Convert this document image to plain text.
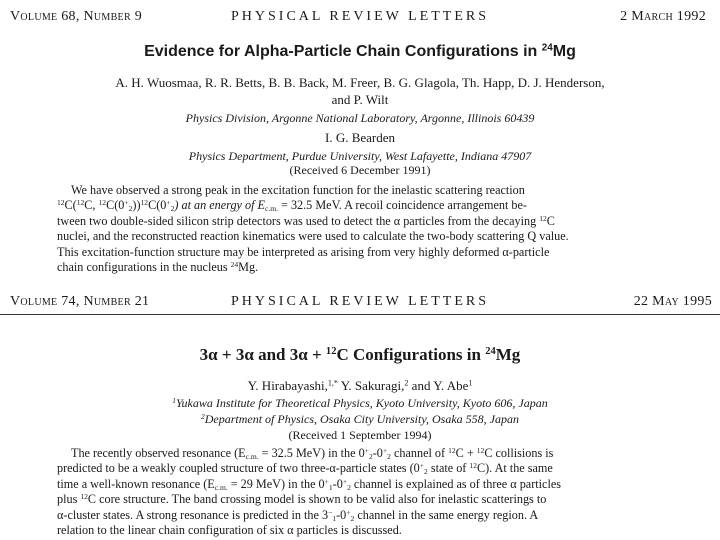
Volume 68, Number 9	PHYSICAL REVIEW LETTERS	2 March 1992
Evidence for Alpha-Particle Chain Configurations in $^{24}$Mg
A. H. Wuosmaa, R. R. Betts, B. B. Back, M. Freer, B. G. Glagola, Th. Happ, D. J. Henderson,
and P. Wilt
Physics Division, Argonne National Laboratory, Argonne, Illinois 60439
I. G. Bearden
Physics Department, Purdue University, West Lafayette, Indiana 47907
(Received 6 December 1991)
We have observed a strong peak in the excitation function for the inelastic scattering reaction
$^{12}$C($^{12}$C, $^{12}C(0^+_2))^{12}C(0^+_2)$ at an energy of $E_{c.m.} = 32.5$ MeV. A recoil coincidence arrangement be-
tween two double-sided silicon strip detectors was used to detect the α particles from the decaying $^{12}$C
nuclei, and the reconstructed reaction kinematics were used to calculate the two-body scattering Q value.
This excitation-function structure may be interpreted as arising from very highly deformed α-particle
chain configurations in the nucleus $^{24}$Mg.
Volume 74, Number 21	PHYSICAL REVIEW LETTERS	22 May 1995
3α + 3α and 3α + $^{12}$C Configurations in $^{24}$Mg
Y. Hirabayashi,$^{1,*}$ Y. Sakuragi,$^2$ and Y. Abe$^1$
$^1$Yukawa Institute for Theoretical Physics, Kyoto University, Kyoto 606, Japan
$^2$Department of Physics, Osaka City University, Osaka 558, Japan
(Received 1 September 1994)
The recently observed resonance ($E_{c.m.} = 32.5$ MeV) in the $0^+_2-0^+_2$ channel of $^{12}$C + $^{12}$C collisions is
predicted to be a weakly coupled structure of two three-α-particle states ($0^+_2$ state of $^{12}$C). At the same
time a well-known resonance ($E_{c.m.} = 29$ MeV) in the $0^+_1-0^+_2$ channel is explained as of three α particles
plus $^{12}$C core structure. The band crossing model is shown to be valid also for inelastic scatterings to
α-cluster states. A strong resonance is predicted in the $3^-_1-0^+_2$ channel in the same energy region. A
relation to the linear chain configuration of six α particles is discussed.
